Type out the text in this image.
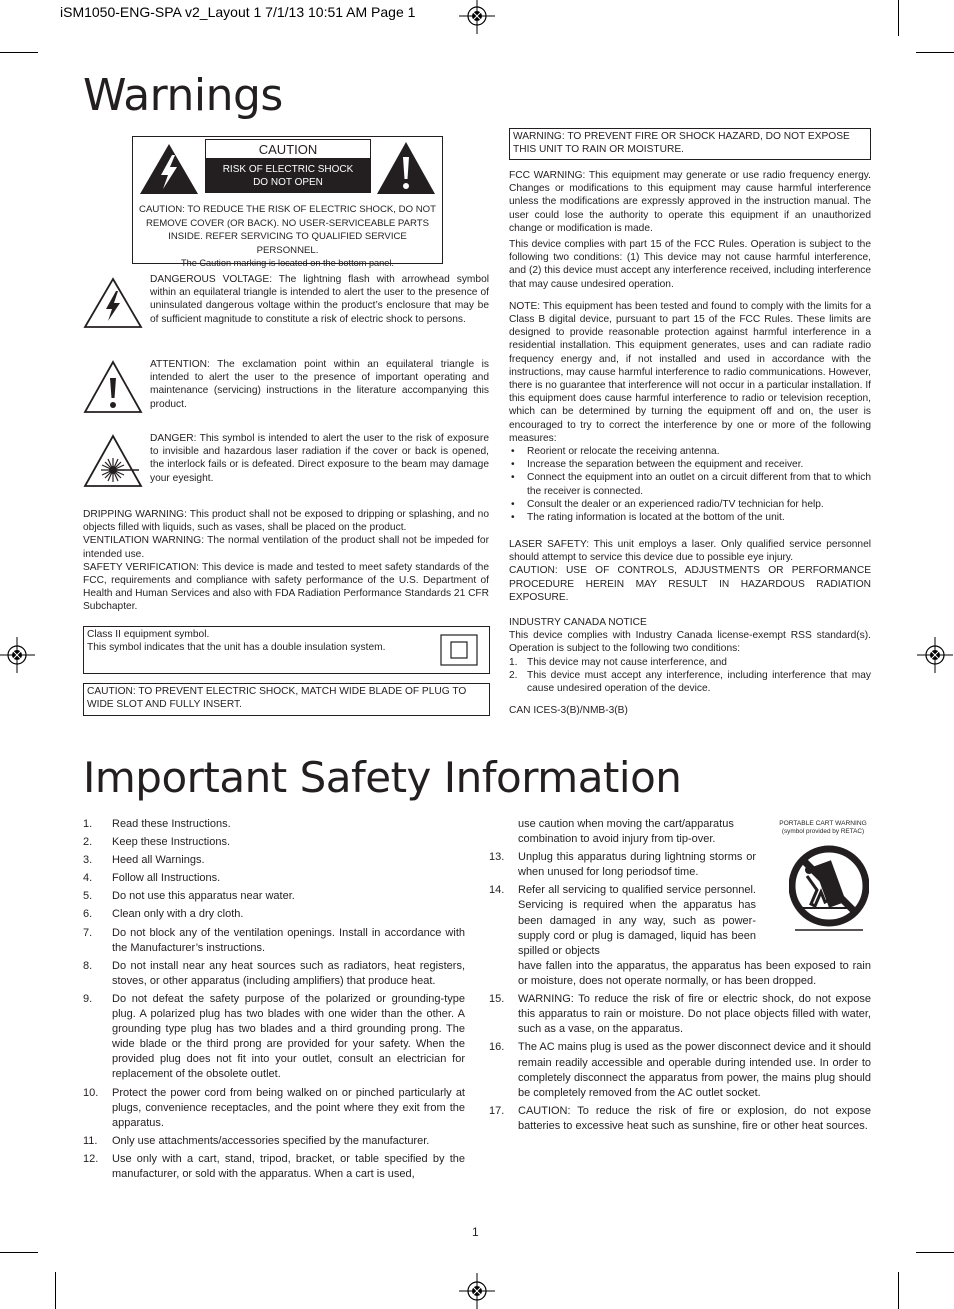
iSM1050-ENG-SPA v2_Layout 1 7/1/13 10:51 AM Page 1
Warnings
CAUTION
RISK OF ELECTRIC SHOCK
DO NOT OPEN
CAUTION: TO REDUCE THE RISK OF ELECTRIC SHOCK, DO NOT REMOVE COVER (OR BACK). NO USER-SERVICEABLE PARTS INSIDE. REFER SERVICING TO QUALIFIED SERVICE PERSONNEL.
The Caution marking is located on the bottom panel.
DANGEROUS VOLTAGE: The lightning flash with arrowhead symbol within an equilateral triangle is intended to alert the user to the presence of uninsulated dangerous voltage within the product’s enclosure that may be of sufficient magnitude to constitute a risk of electric shock to persons.
ATTENTION: The exclamation point within an equilateral triangle is intended to alert the user to the presence of important operating and maintenance (servicing) instructions in the literature accompanying this product.
DANGER: This symbol is intended to alert the user to the risk of exposure to invisible and hazardous laser radiation if the cover or back is opened, the interlock fails or is defeated. Direct exposure to the beam may damage your eyesight.
DRIPPING WARNING: This product shall not be exposed to dripping or splashing, and no objects filled with liquids, such as vases, shall be placed on the product.
VENTILATION WARNING: The normal ventilation of the product shall not be impeded for intended use.
SAFETY VERIFICATION: This device is made and tested to meet safety standards of the FCC, requirements and compliance with safety performance of the U.S. Department of Health and Human Services and also with FDA Radiation Performance Standards 21 CFR Subchapter.
Class II equipment symbol.
This symbol indicates that the unit has a double insulation system.
CAUTION: TO PREVENT ELECTRIC SHOCK, MATCH WIDE BLADE OF PLUG TO WIDE SLOT AND FULLY INSERT.
WARNING: TO PREVENT FIRE OR SHOCK HAZARD, DO NOT EXPOSE THIS UNIT TO RAIN OR MOISTURE.
FCC WARNING: This equipment may generate or use radio frequency energy. Changes or modifications to this equipment may cause harmful interference unless the modifications are expressly approved in the instruction manual. The user could lose the authority to operate this equipment if an unauthorized change or modification is made.
This device complies with part 15 of the FCC Rules. Operation is subject to the following two conditions: (1) This device may not cause harmful interference, and (2) this device must accept any interference received, including interference that may cause undesired operation.
NOTE: This equipment has been tested and found to comply with the limits for a Class B digital device, pursuant to part 15 of the FCC Rules. These limits are designed to provide reasonable protection against harmful interference in a residential installation. This equipment generates, uses and can radiate radio frequency energy and, if not installed and used in accordance with the instructions, may cause harmful interference to radio communications. However, there is no guarantee that interference will not occur in a particular installation. If this equipment does cause harmful interference to radio or television reception, which can be determined by turning the equipment off and on, the user is encouraged to try to correct the interference by one or more of the following measures:
• Reorient or relocate the receiving antenna.
• Increase the separation between the equipment and receiver.
• Connect the equipment into an outlet on a circuit different from that to which the receiver is connected.
• Consult the dealer or an experienced radio/TV technician for help.
• The rating information is located at the bottom of the unit.
LASER SAFETY: This unit employs a laser. Only qualified service personnel should attempt to service this device due to possible eye injury.
CAUTION: USE OF CONTROLS, ADJUSTMENTS OR PERFORMANCE PROCEDURE HEREIN MAY RESULT IN HAZARDOUS RADIATION EXPOSURE.
INDUSTRY CANADA NOTICE
This device complies with Industry Canada license-exempt RSS standard(s). Operation is subject to the following two conditions:
1. This device may not cause interference, and
2. This device must accept any interference, including interference that may cause undesired operation of the device.
CAN ICES-3(B)/NMB-3(B)
Important Safety Information
1. Read these Instructions.
2. Keep these Instructions.
3. Heed all Warnings.
4. Follow all Instructions.
5. Do not use this apparatus near water.
6. Clean only with a dry cloth.
7. Do not block any of the ventilation openings. Install in accordance with the Manufacturer’s instructions.
8. Do not install near any heat sources such as radiators, heat registers, stoves, or other apparatus (including amplifiers) that produce heat.
9. Do not defeat the safety purpose of the polarized or grounding-type plug. A polarized plug has two blades with one wider than the other. A grounding type plug has two blades and a third grounding prong. The wide blade or the third prong are provided for your safety. When the provided plug does not fit into your outlet, consult an electrician for replacement of the obsolete outlet.
10. Protect the power cord from being walked on or pinched particularly at plugs, convenience receptacles, and the point where they exit from the apparatus.
11. Only use attachments/accessories specified by the manufacturer.
12. Use only with a cart, stand, tripod, bracket, or table specified by the manufacturer, or sold with the apparatus. When a cart is used,
use caution when moving the cart/apparatus combination to avoid injury from tip-over.
13. Unplug this apparatus during lightning storms or when unused for long periodsof time.
14. Refer all servicing to qualified service personnel. Servicing is required when the apparatus has been damaged in any way, such as power-supply cord or plug is damaged, liquid has been spilled or objects
PORTABLE CART WARNING
(symbol provided by RETAC)
have fallen into the apparatus, the apparatus has been exposed to rain or moisture, does not operate normally, or has been dropped.
15. WARNING: To reduce the risk of fire or electric shock, do not expose this apparatus to rain or moisture. Do not place objects filled with water, such as a vase, on the apparatus.
16. The AC mains plug is used as the power disconnect device and it should remain readily accessible and operable during intended use. In order to completely disconnect the apparatus from power, the mains plug should be completely removed from the AC outlet socket.
17. CAUTION: To reduce the risk of fire or explosion, do not expose batteries to excessive heat such as sunshine, fire or other heat sources.
1
